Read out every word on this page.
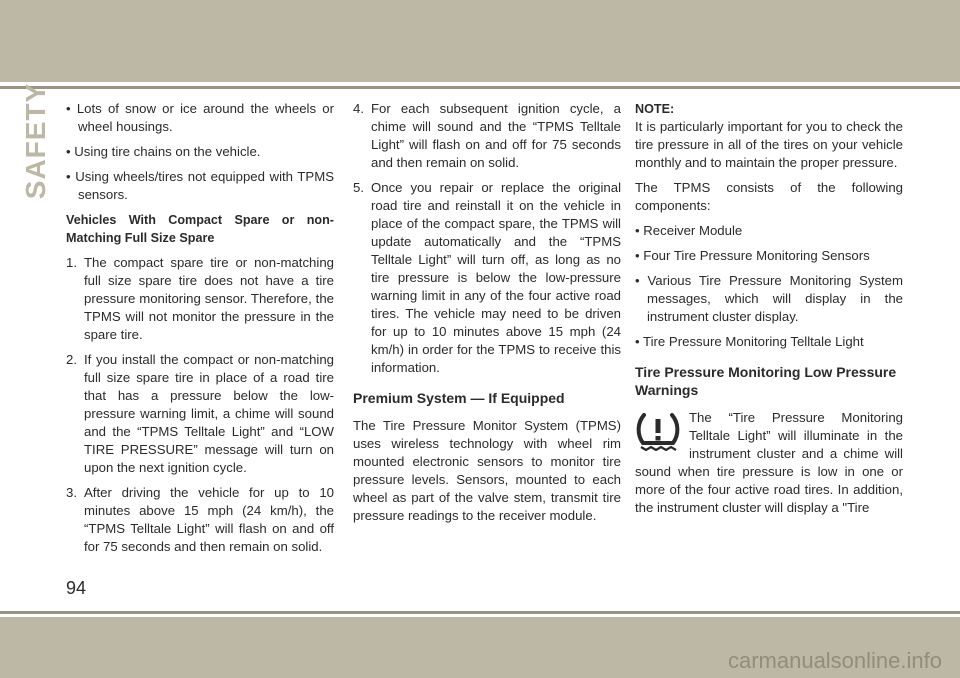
SAFETY • Lots of snow or ice around the wheels or wheel housings.

• Using tire chains on the vehicle.

• Using wheels/tires not equipped with TPMS sensors.

Vehicles With Compact Spare or non-Matching Full Size Spare

1. The compact spare tire or non-matching full size spare tire does not have a tire pressure monitoring sensor. Therefore, the TPMS will not monitor the pressure in the spare tire.
2. If you install the compact or non-matching full size spare tire in place of a road tire that has a pressure below the low-pressure warning limit, a chime will sound and the “TPMS Telltale Light” and “LOW TIRE PRESSURE” message will turn on upon the next ignition cycle.
3. After driving the vehicle for up to 10 minutes above 15 mph (24 km/h), the “TPMS Telltale Light” will flash on and off for 75 seconds and then remain on solid.
4. For each subsequent ignition cycle, a chime will sound and the “TPMS Telltale Light” will flash on and off for 75 seconds and then remain on solid.
5. Once you repair or replace the original road tire and reinstall it on the vehicle in place of the compact spare, the TPMS will update automatically and the “TPMS Telltale Light” will turn off, as long as no tire pressure is below the low-pressure warning limit in any of the four active road tires. The vehicle may need to be driven for up to 10 minutes above 15 mph (24 km/h) in order for the TPMS to receive this information.
Premium System — If Equipped

The Tire Pressure Monitor System (TPMS) uses wireless technology with wheel rim mounted electronic sensors to monitor tire pressure levels. Sensors, mounted to each wheel as part of the valve stem, transmit tire pressure readings to the receiver module.

NOTE:

It is particularly important for you to check the tire pressure in all of the tires on your vehicle monthly and to maintain the proper pressure.

The TPMS consists of the following components:

• Receiver Module

• Four Tire Pressure Monitoring Sensors

• Various Tire Pressure Monitoring System messages, which will display in the instrument cluster display.

• Tire Pressure Monitoring Telltale Light

Tire Pressure Monitoring Low Pressure Warnings
The “Tire Pressure Monitoring Telltale Light” will illuminate in the instrument cluster and a chime will sound when tire pressure is low in one or more of the four active road tires. In addition, the instrument cluster will display a "Tire
94
carmanualsonline.info
